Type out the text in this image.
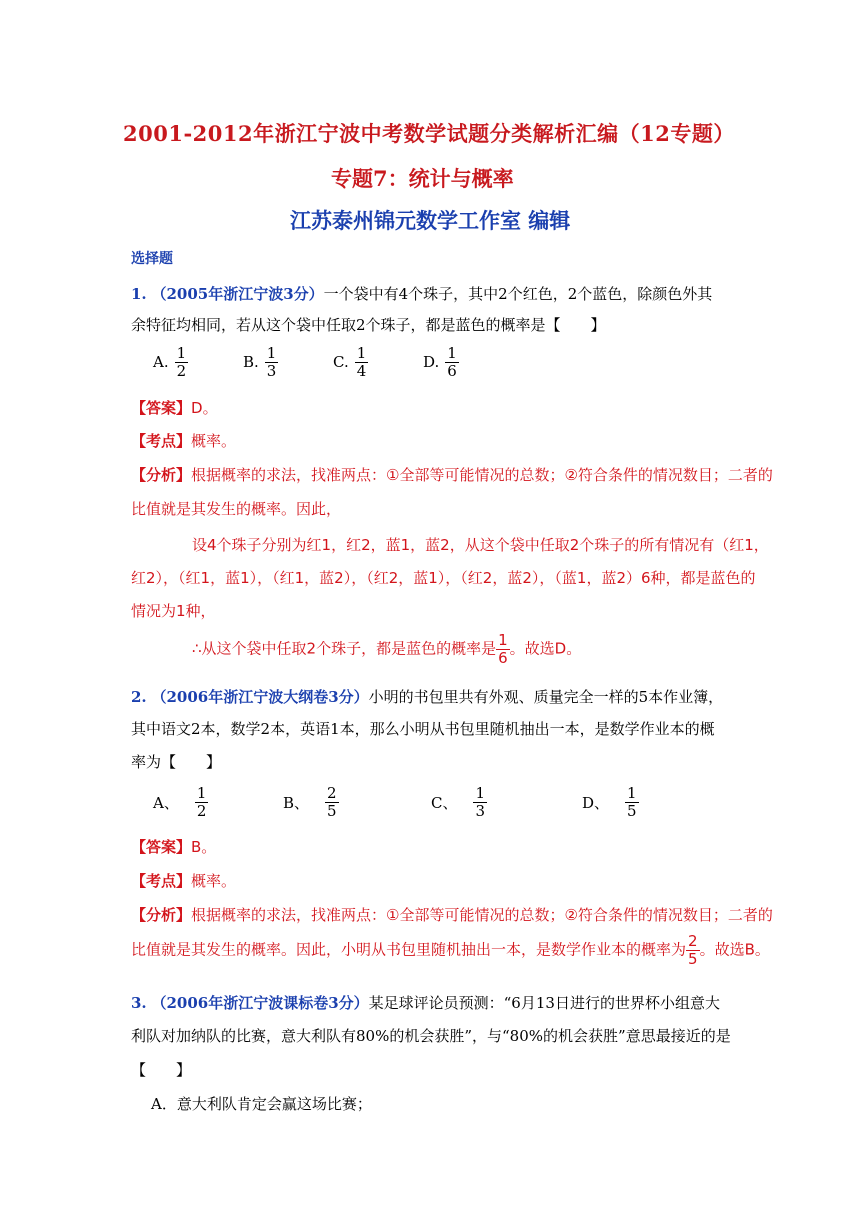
2001-2012年浙江宁波中考数学试题分类解析汇编（12专题）
专题7：统计与概率
江苏泰州锦元数学工作室 编辑
选择题
1. （2005年浙江宁波3分）一个袋中有4个珠子，其中2个红色，2个蓝色，除颜色外其
余特征均相同，若从这个袋中任取2个珠子，都是蓝色的概率是【　　】
A. $\frac{1}{2}$	B. $\frac{1}{3}$	C. $\frac{1}{4}$	D. $\frac{1}{6}$
【答案】D。
【考点】概率。
【分析】根据概率的求法，找准两点：①全部等可能情况的总数；②符合条件的情况数目；二者的
比值就是其发生的概率。因此，
设4个珠子分别为红1，红2，蓝1，蓝2，从这个袋中任取2个珠子的所有情况有（红1，
红2），（红1，蓝1），（红1，蓝2），（红2，蓝1），（红2，蓝2），（蓝1，蓝2）6种，都是蓝色的
情况为1种，
∴从这个袋中任取2个珠子，都是蓝色的概率是 $\frac{1}{6}$ 。故选D。
2. （2006年浙江宁波大纲卷3分）小明的书包里共有外观、质量完全一样的5本作业簿，
其中语文2本，数学2本，英语1本，那么小明从书包里随机抽出一本，是数学作业本的概
率为【　　】
A、 $\frac{1}{2}$	B、 $\frac{2}{5}$	C、 $\frac{1}{3}$	D、 $\frac{1}{5}$
【答案】B。
【考点】概率。
【分析】根据概率的求法，找准两点：①全部等可能情况的总数；②符合条件的情况数目；二者的
比值就是其发生的概率。因此，小明从书包里随机抽出一本，是数学作业本的概率为 $\frac{2}{5}$ 。故选B。
3. （2006年浙江宁波课标卷3分）某足球评论员预测：“6月13日进行的世界杯小组意大
利队对加纳队的比赛，意大利队有80%的机会获胜”，与“80%的机会获胜”意思最接近的是
【　　】
A．意大利队肯定会赢这场比赛；
